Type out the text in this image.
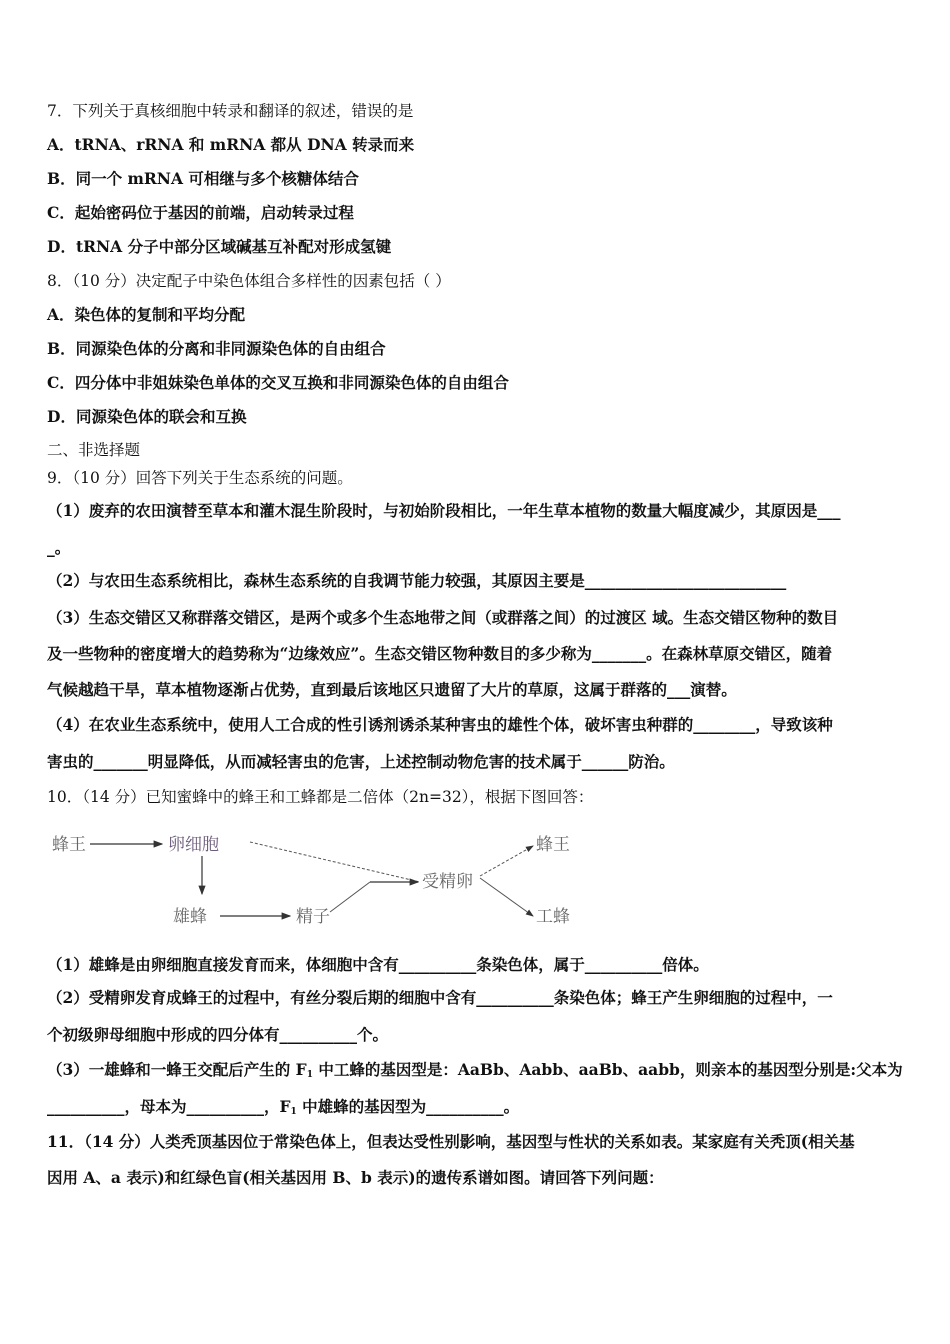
7．下列关于真核细胞中转录和翻译的叙述，错误的是
A．tRNA、rRNA 和 mRNA 都从 DNA 转录而来
B．同一个 mRNA 可相继与多个核糖体结合
C．起始密码位于基因的前端，启动转录过程
D．tRNA 分子中部分区域碱基互补配对形成氢键
8．（10 分）决定配子中染色体组合多样性的因素包括（ ）
A．染色体的复制和平均分配
B．同源染色体的分离和非同源染色体的自由组合
C．四分体中非姐妹染色单体的交叉互换和非同源染色体的自由组合
D．同源染色体的联会和互换
二、非选择题
9．（10 分）回答下列关于生态系统的问题。
（1）废弃的农田演替至草本和灌木混生阶段时，与初始阶段相比，一年生草本植物的数量大幅度减少，其原因是___
_。
（2）与农田生态系统相比，森林生态系统的自我调节能力较强，其原因主要是__________________________
（3）生态交错区又称群落交错区，是两个或多个生态地带之间（或群落之间）的过渡区 域。生态交错区物种的数目
及一些物种的密度增大的趋势称为“边缘效应”。生态交错区物种数目的多少称为_______。在森林草原交错区，随着
气候越趋干旱，草本植物逐渐占优势，直到最后该地区只遗留了大片的草原，这属于群落的___演替。
（4）在农业生态系统中，使用人工合成的性引诱剂诱杀某种害虫的雄性个体，破坏害虫种群的________，导致该种
害虫的_______明显降低，从而减轻害虫的危害，上述控制动物危害的技术属于______防治。
10．（14 分）已知蜜蜂中的蜂王和工蜂都是二倍体（2n=32），根据下图回答：
蜂王	卵细胞
雄蜂	精子
受精卵
蜂王
工蜂
（1）雄蜂是由卵细胞直接发育而来，体细胞中含有__________条染色体，属于__________倍体。
（2）受精卵发育成蜂王的过程中，有丝分裂后期的细胞中含有__________条染色体；蜂王产生卵细胞的过程中，一
个初级卵母细胞中形成的四分体有__________个。
（3）一雄蜂和一蜂王交配后产生的 $F_1$ 中工蜂的基因型是：AaBb、Aabb、aaBb、aabb，则亲本的基因型分别是:父本为
__________，母本为__________，$F_1$ 中雄蜂的基因型为__________。
11．（14 分）人类秃顶基因位于常染色体上，但表达受性别影响，基因型与性状的关系如表。某家庭有关秃顶(相关基
因用 A、a 表示)和红绿色盲(相关基因用 B、b 表示)的遗传系谱如图。请回答下列问题：
